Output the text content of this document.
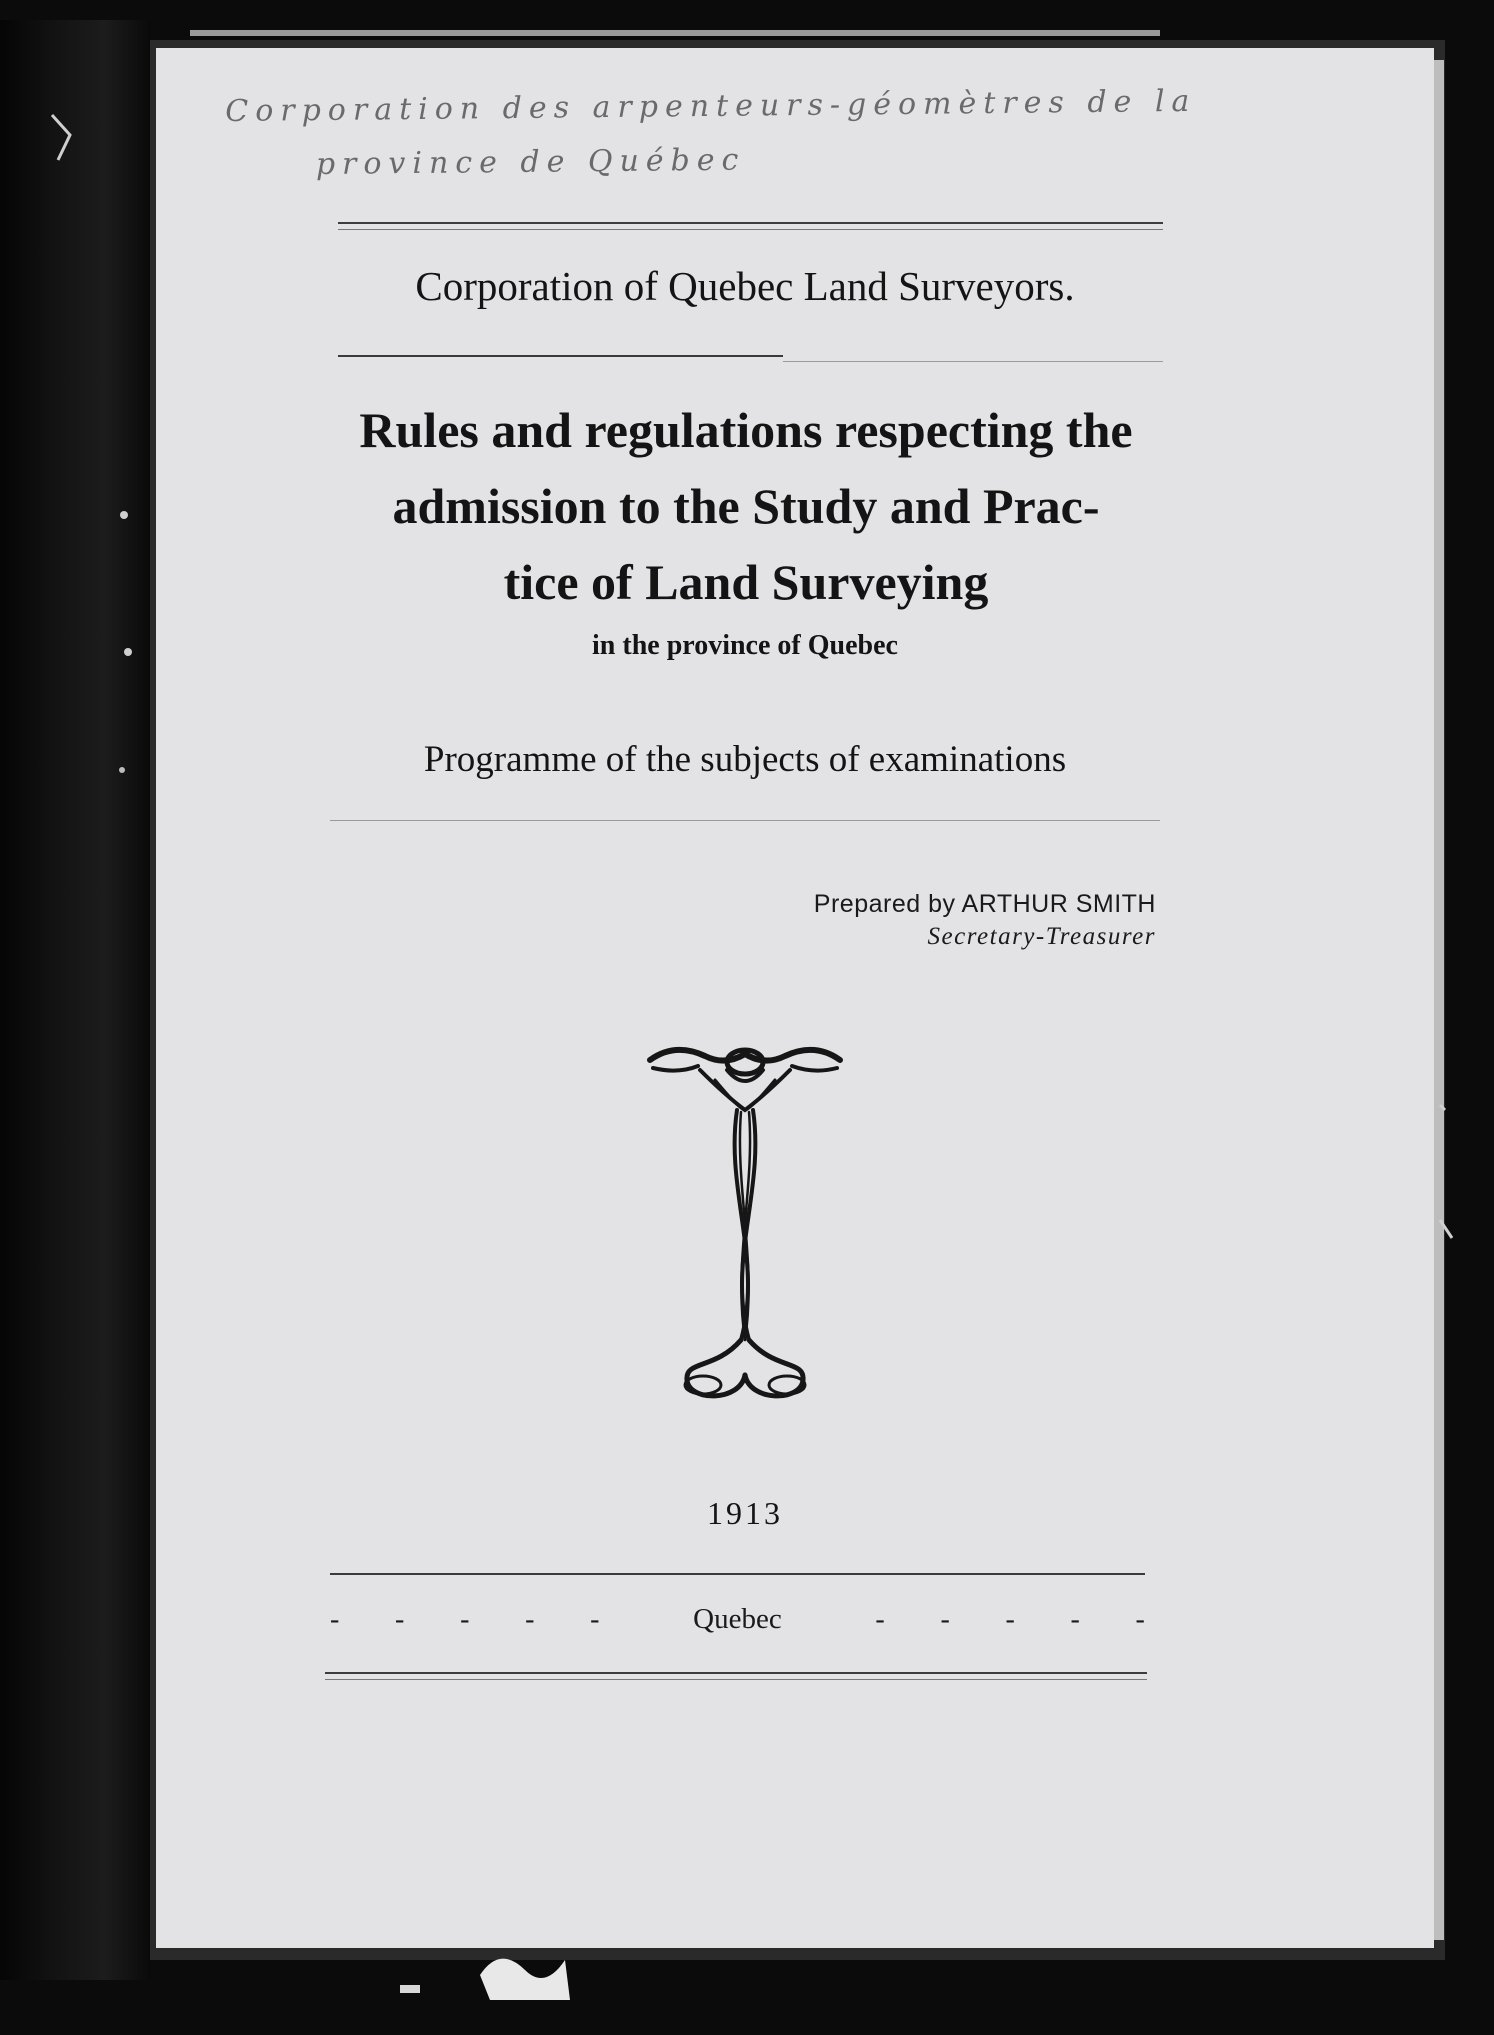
Corporation des arpenteurs-géomètres de la
province de Québec
Corporation of Quebec Land Surveyors.
Rules and regulations respecting the
admission to the Study and Prac-
tice of Land Surveying
in the province of Quebec
Programme of the subjects of examinations
Prepared by ARTHUR SMITH
Secretary-Treasurer
1913
- - - - -	Quebec	- - - - -
